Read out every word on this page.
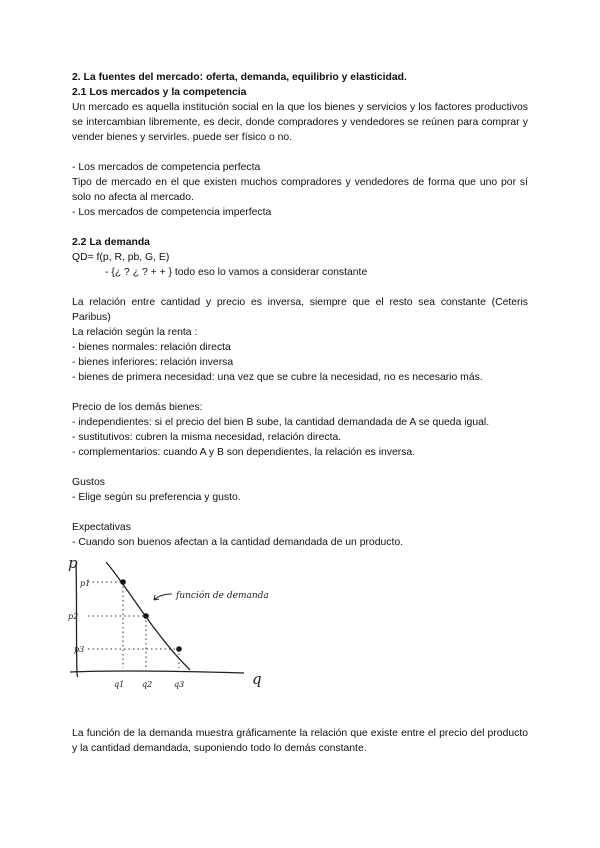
2. La fuentes del mercado: oferta, demanda, equilibrio y elasticidad.

2.1 Los mercados y la competencia

Un mercado es aquella institución social en la que los bienes y servicios y los factores productivos se intercambian libremente, es decir, donde compradores y vendedores se reúnen para comprar y vender bienes y servirles. puede ser físico o no.

- Los mercados de competencia perfecta

Tipo de mercado en el que existen muchos compradores y vendedores de forma que uno por sí solo no afecta al mercado.

- Los mercados de competencia imperfecta

2.2 La demanda

QD= f(p, R, pb, G, E)

- {¿ ? ¿ ? + + } todo eso lo vamos a considerar constante

La relación entre cantidad y precio es inversa, siempre que el resto sea constante (Ceteris Paribus)

La relación según la renta :

- bienes normales: relación directa

- bienes inferiores: relación inversa

- bienes de primera necesidad: una vez que se cubre la necesidad, no es necesario más.

Precio de los demás bienes:

- independientes: si el precio del bien B sube, la cantidad demandada de A se queda igual.

- sustitutivos: cubren la misma necesidad, relación directa.

- complementarios: cuando A y B son dependientes, la relación es inversa.

Gustos

- Elige según su preferencia y gusto.

Expectativas

- Cuando son buenos afectan a la cantidad demandada de un producto.

p
q
función de demanda
p1
p2
p3
q1 q2	q3

La función de la demanda muestra gráficamente la relación que existe entre el precio del producto y la cantidad demandada, suponiendo todo lo demás constante.
